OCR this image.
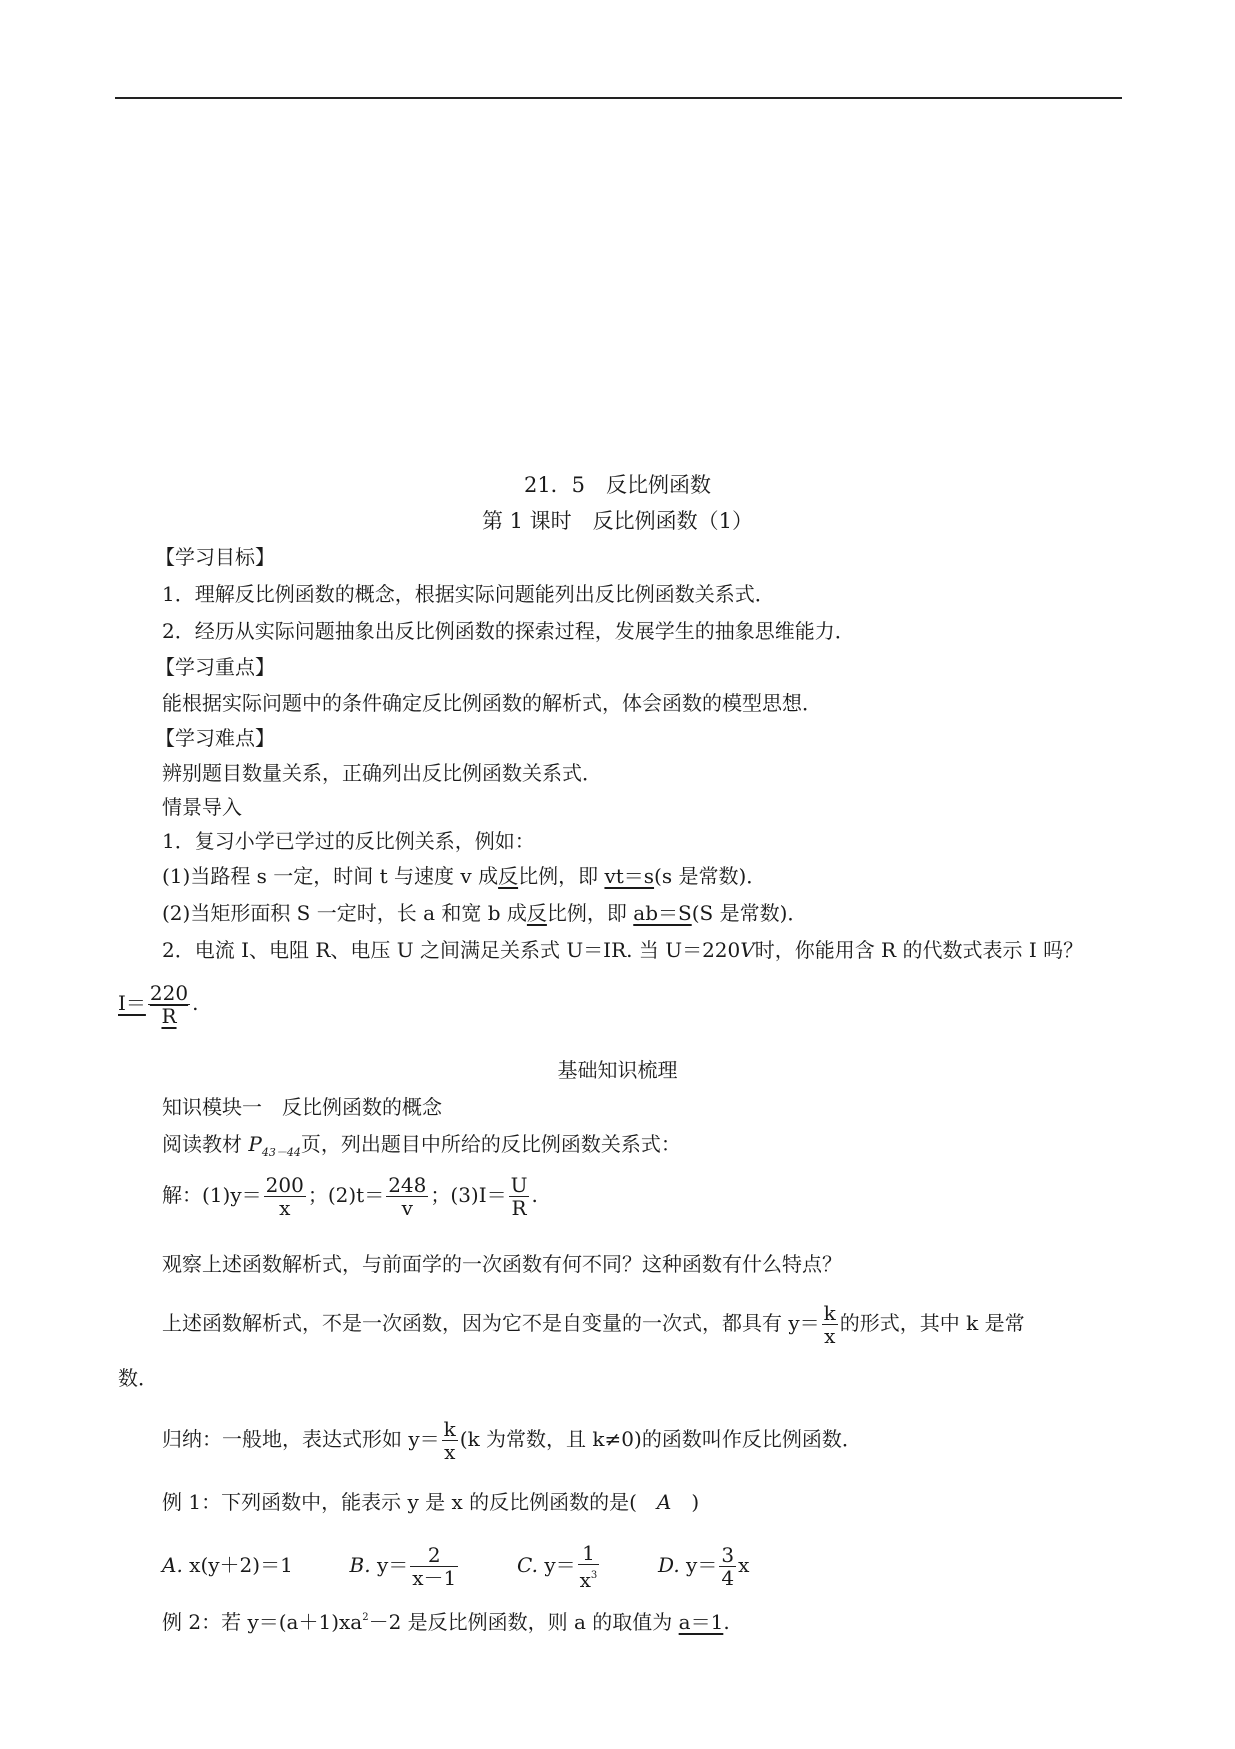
21．5　反比例函数
第 1 课时　反比例函数（1）
【学习目标】
1．理解反比例函数的概念，根据实际问题能列出反比例函数关系式．
2．经历从实际问题抽象出反比例函数的探索过程，发展学生的抽象思维能力．
【学习重点】
能根据实际问题中的条件确定反比例函数的解析式，体会函数的模型思想．
【学习难点】
辨别题目数量关系，正确列出反比例函数关系式．
情景导入
1．复习小学已学过的反比例关系，例如：
(1)当路程 s 一定，时间 t 与速度 v 成反比例，即 vt＝s(s 是常数)．
(2)当矩形面积 S 一定时，长 a 和宽 b 成反比例，即 ab＝S(S 是常数)．
2．电流 I、电阻 R、电压 U 之间满足关系式 U＝IR. 当 U＝220V时，你能用含 R 的代数式表示 I 吗？
$I= \frac{220}{R}$ .
基础知识梳理
知识模块一　反比例函数的概念
阅读教材 $P_{43-44}$页，列出题目中所给的反比例函数关系式：
解：$(1)y= \frac{200}{x}$ ；$(2)t= \frac{248}{v}$ ；$(3)I= \frac{U}{R}$ .
观察上述函数解析式，与前面学的一次函数有何不同？这种函数有什么特点？
上述函数解析式，不是一次函数，因为它不是自变量的一次式，都具有 $y= \frac{k}{x}$ 的形式，其中 k 是常
数．
归纳：一般地，表达式形如 $y= \frac{k}{x} (k$ 为常数，且 k≠0)的函数叫作反比例函数．
例 1：下列函数中，能表示 y 是 x 的反比例函数的是(　A　)
A. x(y＋2)＝1	B. $y= \frac{2}{x-1}$	C. $y= \frac{1}{x^3}$	D. $y= \frac{3}{4}$ x
例 2：若 $y=(a+1)xa^2-2$ 是反比例函数，则 a 的取值为 a＝1.
